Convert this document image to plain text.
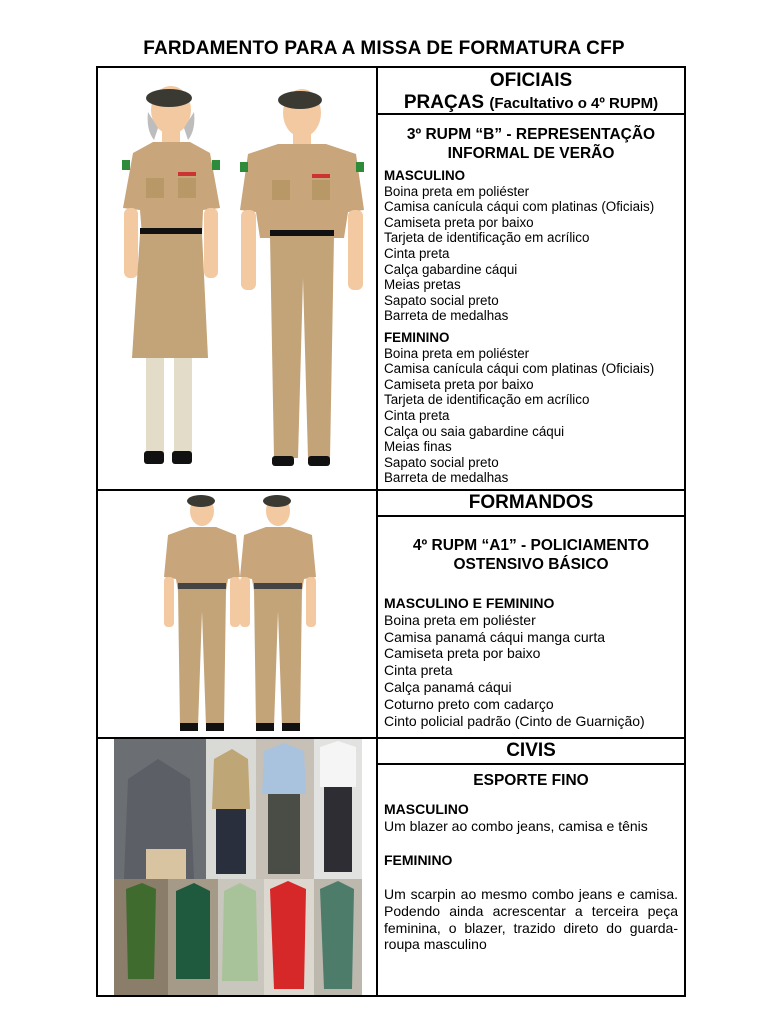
FARDAMENTO PARA A MISSA DE FORMATURA CFP
OFICIAIS
PRAÇAS (Facultativo o 4º RUPM)
3º RUPM “B” - REPRESENTAÇÃO
INFORMAL DE VERÃO
MASCULINO
Boina preta em poliéster
Camisa canícula cáqui com platinas (Oficiais)
Camiseta preta por baixo
Tarjeta de identificação em acrílico
Cinta preta
Calça gabardine cáqui
Meias pretas
Sapato social preto
Barreta de medalhas
FEMININO
Boina preta em poliéster
Camisa canícula cáqui com platinas (Oficiais)
Camiseta preta por baixo
Tarjeta de identificação em acrílico
Cinta preta
Calça ou saia gabardine cáqui
Meias finas
Sapato social preto
Barreta de medalhas
FORMANDOS
4º RUPM “A1” - POLICIAMENTO
OSTENSIVO BÁSICO
MASCULINO E FEMININO
Boina preta em poliéster
Camisa panamá cáqui manga curta
Camiseta preta por baixo
Cinta preta
Calça panamá cáqui
Coturno preto com cadarço
Cinto policial padrão (Cinto de Guarnição)
CIVIS
ESPORTE FINO
MASCULINO
Um blazer ao combo jeans, camisa e tênis
FEMININO
Um scarpin ao mesmo combo jeans e camisa. Podendo ainda acrescentar a terceira peça feminina, o blazer, trazido direto do guarda-roupa masculino
